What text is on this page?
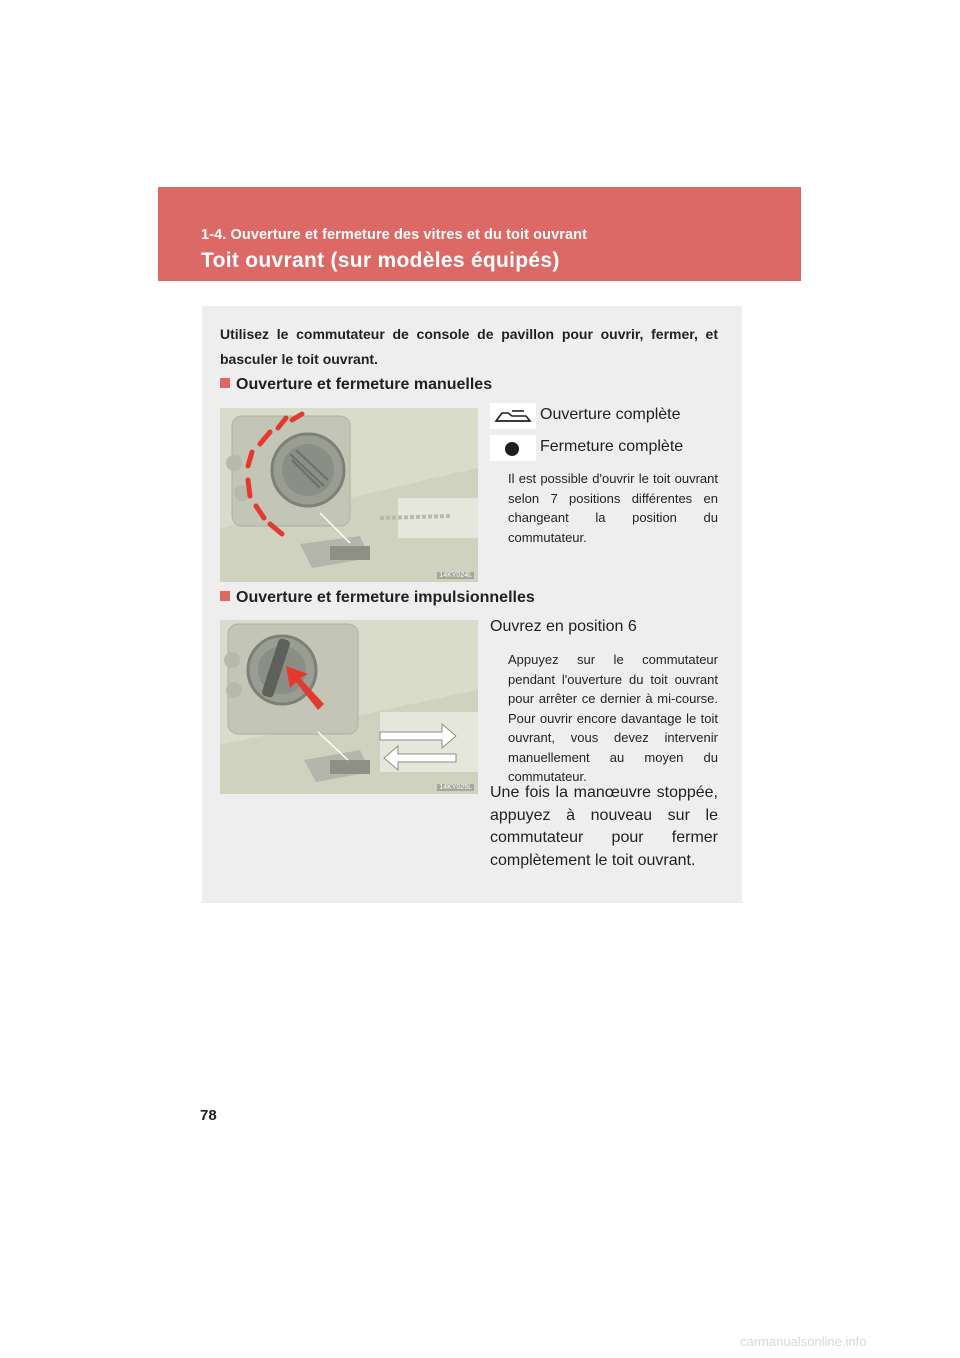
1-4. Ouverture et fermeture des vitres et du toit ouvrant
Toit ouvrant (sur modèles équipés)
Utilisez le commutateur de console de pavillon pour ouvrir, fermer, et basculer le toit ouvrant.
Ouverture et fermeture manuelles
14KY024L
Ouverture complète
Fermeture complète
Il est possible d'ouvrir le toit ouvrant selon 7 positions différentes en changeant la position du commutateur.
Ouverture et fermeture impulsionnelles
14KY025L
Ouvrez en position 6
Appuyez sur le commutateur pendant l'ouverture du toit ouvrant pour arrêter ce dernier à mi-course. Pour ouvrir encore davantage le toit ouvrant, vous devez intervenir manuellement au moyen du commutateur.
Une fois la manœuvre stoppée, appuyez à nouveau sur le commutateur pour fermer complètement le toit ouvrant.
78
carmanualsonline.info
